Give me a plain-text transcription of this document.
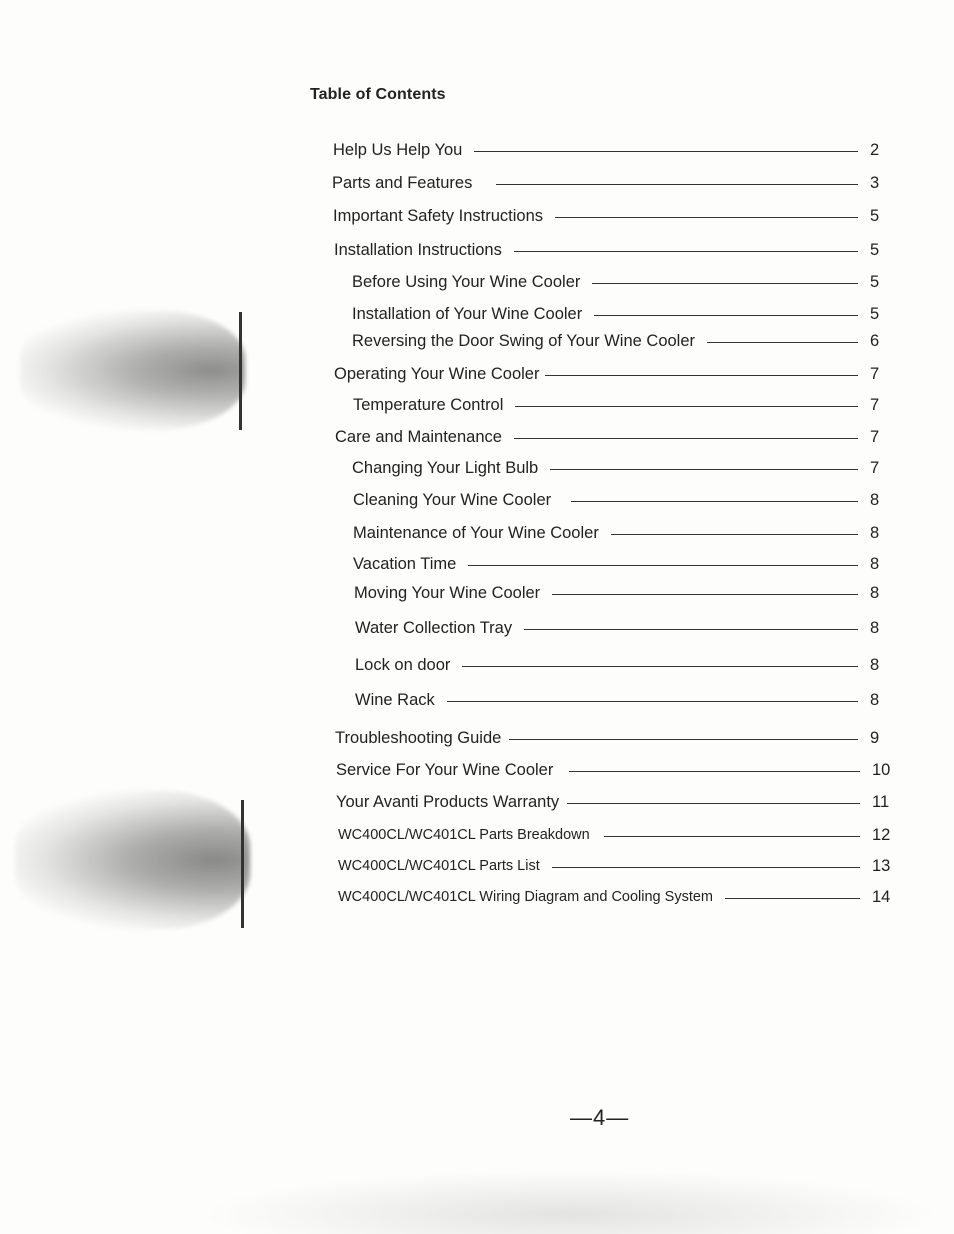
Table of Contents
Help Us Help You	2
Parts and Features	3
Important Safety Instructions	5
Installation Instructions	5
Before Using Your Wine Cooler	5
Installation of Your Wine Cooler	5
Reversing the Door Swing of Your Wine Cooler	6
Operating Your Wine Cooler	7
Temperature Control	7
Care and Maintenance	7
Changing Your Light Bulb	7
Cleaning Your Wine Cooler	8
Maintenance of Your Wine Cooler	8
Vacation Time	8
Moving Your Wine Cooler	8
Water Collection Tray	8
Lock on door	8
Wine Rack	8
Troubleshooting Guide	9
Service For Your Wine Cooler	10
Your Avanti Products Warranty	11
WC400CL/WC401CL Parts Breakdown	12
WC400CL/WC401CL Parts List	13
WC400CL/WC401CL Wiring Diagram and Cooling System	14
—4—
